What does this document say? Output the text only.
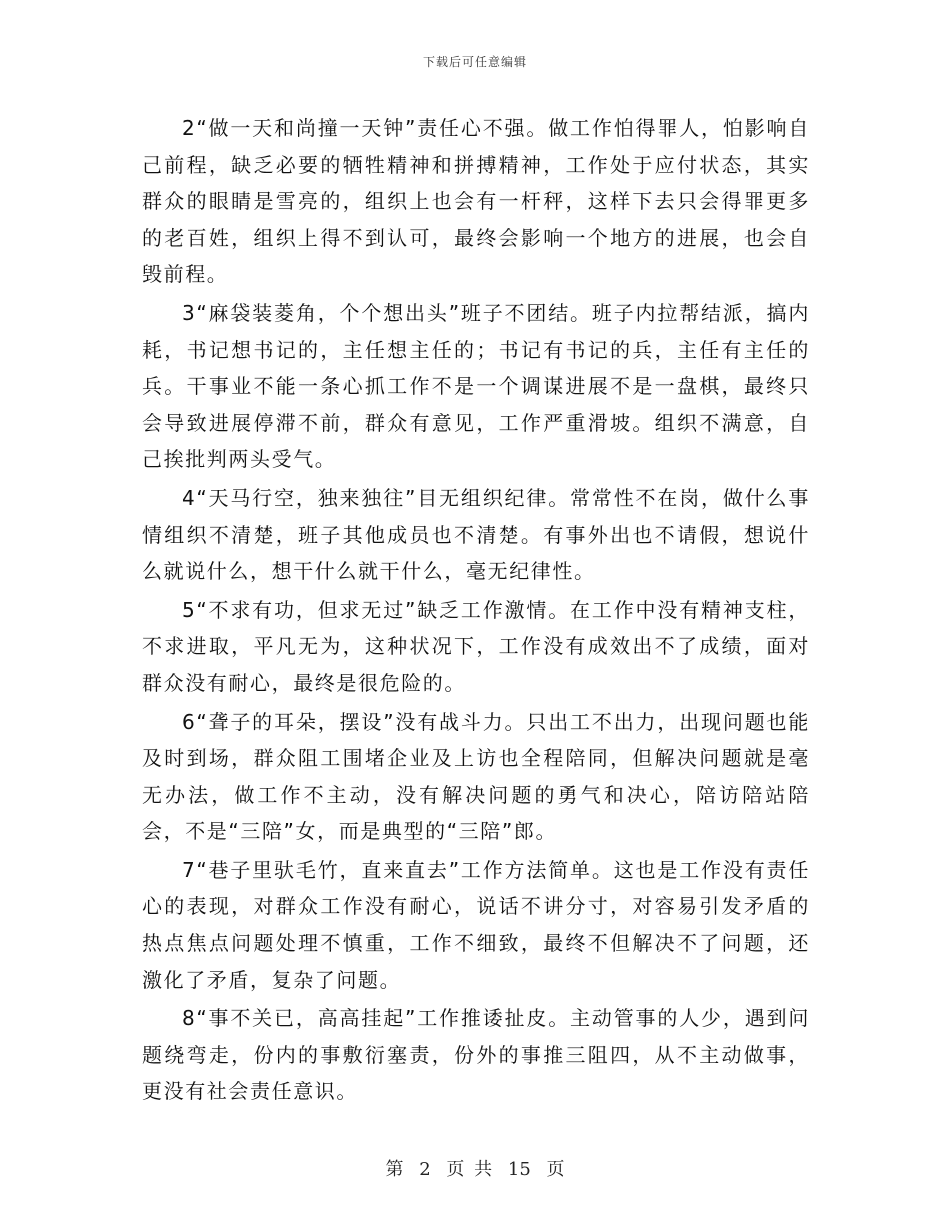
下载后可任意编辑

2“做一天和尚撞一天钟”责任心不强。做工作怕得罪人，怕影响自己前程，缺乏必要的牺牲精神和拼搏精神，工作处于应付状态，其实群众的眼睛是雪亮的，组织上也会有一杆秤，这样下去只会得罪更多的老百姓，组织上得不到认可，最终会影响一个地方的进展，也会自毁前程。

3“麻袋装菱角，个个想出头”班子不团结。班子内拉帮结派，搞内耗，书记想书记的，主任想主任的；书记有书记的兵，主任有主任的兵。干事业不能一条心抓工作不是一个调谋进展不是一盘棋，最终只会导致进展停滞不前，群众有意见，工作严重滑坡。组织不满意，自己挨批判两头受气。

4“天马行空，独来独往”目无组织纪律。常常性不在岗，做什么事情组织不清楚，班子其他成员也不清楚。有事外出也不请假，想说什么就说什么，想干什么就干什么，毫无纪律性。

5“不求有功，但求无过”缺乏工作激情。在工作中没有精神支柱，不求进取，平凡无为，这种状况下，工作没有成效出不了成绩，面对群众没有耐心，最终是很危险的。

6“聋子的耳朵，摆设”没有战斗力。只出工不出力，出现问题也能及时到场，群众阻工围堵企业及上访也全程陪同，但解决问题就是毫无办法，做工作不主动，没有解决问题的勇气和决心，陪访陪站陪会，不是“三陪”女，而是典型的“三陪”郎。

7“巷子里驮毛竹，直来直去”工作方法简单。这也是工作没有责任心的表现，对群众工作没有耐心，说话不讲分寸，对容易引发矛盾的热点焦点问题处理不慎重，工作不细致，最终不但解决不了问题，还激化了矛盾，复杂了问题。

8“事不关已，高高挂起”工作推诿扯皮。主动管事的人少，遇到问题绕弯走，份内的事敷衍塞责，份外的事推三阻四，从不主动做事，更没有社会责任意识。

第 2 页 共 15 页
